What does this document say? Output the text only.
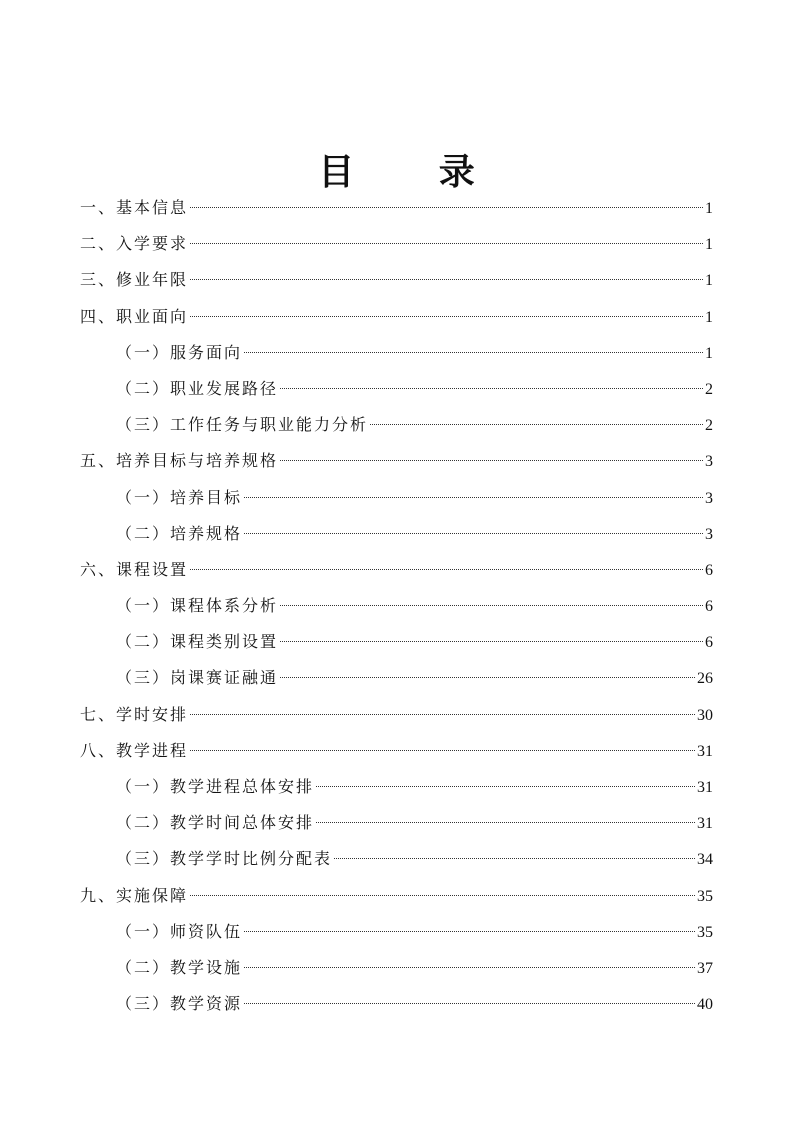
目 录
一、基本信息	1
二、入学要求	1
三、修业年限	1
四、职业面向	1
（一）服务面向	1
（二）职业发展路径	2
（三）工作任务与职业能力分析	2
五、培养目标与培养规格	3
（一）培养目标	3
（二）培养规格	3
六、课程设置	6
（一）课程体系分析	6
（二）课程类别设置	6
（三）岗课赛证融通	26
七、学时安排	30
八、教学进程	31
（一）教学进程总体安排	31
（二）教学时间总体安排	31
（三）教学学时比例分配表	34
九、实施保障	35
（一）师资队伍	35
（二）教学设施	37
（三）教学资源	40
